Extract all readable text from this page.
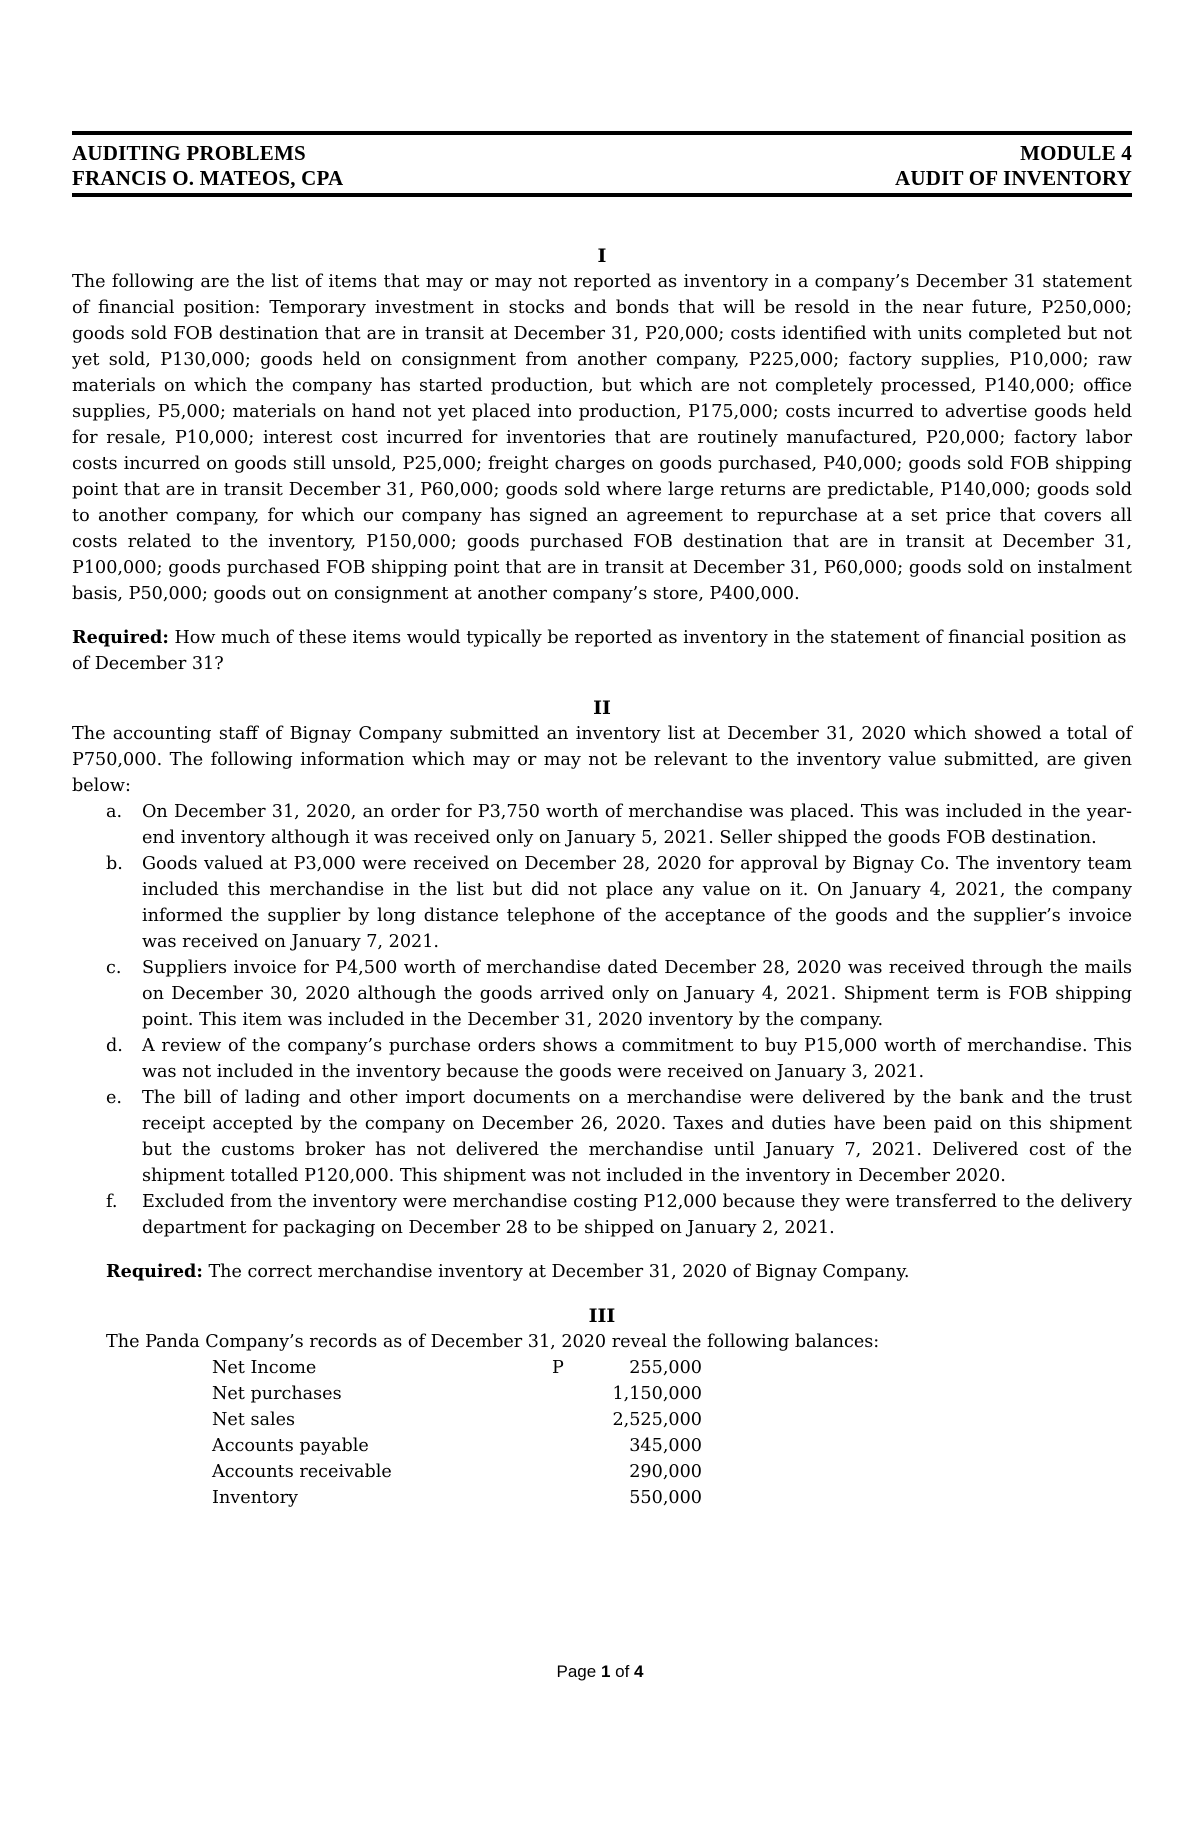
AUDITING PROBLEMS	MODULE 4
FRANCIS O. MATEOS, CPA	AUDIT OF INVENTORY
I

The following are the list of items that may or may not reported as inventory in a company’s December 31 statement of financial position: Temporary investment in stocks and bonds that will be resold in the near future, P250,000; goods sold FOB destination that are in transit at December 31, P20,000; costs identified with units completed but not yet sold, P130,000; goods held on consignment from another company, P225,000; factory supplies, P10,000; raw materials on which the company has started production, but which are not completely processed, P140,000; office supplies, P5,000; materials on hand not yet placed into production, P175,000; costs incurred to advertise goods held for resale, P10,000; interest cost incurred for inventories that are routinely manufactured, P20,000; factory labor costs incurred on goods still unsold, P25,000; freight charges on goods purchased, P40,000; goods sold FOB shipping point that are in transit December 31, P60,000; goods sold where large returns are predictable, P140,000; goods sold to another company, for which our company has signed an agreement to repurchase at a set price that covers all costs related to the inventory, P150,000; goods purchased FOB destination that are in transit at December 31, P100,000; goods purchased FOB shipping point that are in transit at December 31, P60,000; goods sold on instalment basis, P50,000; goods out on consignment at another company’s store, P400,000.

Required: How much of these items would typically be reported as inventory in the statement of financial position as of December 31?

II

The accounting staff of Bignay Company submitted an inventory list at December 31, 2020 which showed a total of P750,000. The following information which may or may not be relevant to the inventory value submitted, are given below:

a. On December 31, 2020, an order for P3,750 worth of merchandise was placed. This was included in the year-end inventory although it was received only on January 5, 2021. Seller shipped the goods FOB destination.
b. Goods valued at P3,000 were received on December 28, 2020 for approval by Bignay Co. The inventory team included this merchandise in the list but did not place any value on it. On January 4, 2021, the company informed the supplier by long distance telephone of the acceptance of the goods and the supplier’s invoice was received on January 7, 2021.
c. Suppliers invoice for P4,500 worth of merchandise dated December 28, 2020 was received through the mails on December 30, 2020 although the goods arrived only on January 4, 2021. Shipment term is FOB shipping point. This item was included in the December 31, 2020 inventory by the company.
d. A review of the company’s purchase orders shows a commitment to buy P15,000 worth of merchandise. This was not included in the inventory because the goods were received on January 3, 2021.
e. The bill of lading and other import documents on a merchandise were delivered by the bank and the trust receipt accepted by the company on December 26, 2020. Taxes and duties have been paid on this shipment but the customs broker has not delivered the merchandise until January 7, 2021. Delivered cost of the shipment totalled P120,000. This shipment was not included in the inventory in December 2020.
f. Excluded from the inventory were merchandise costing P12,000 because they were transferred to the delivery department for packaging on December 28 to be shipped on January 2, 2021.

Required: The correct merchandise inventory at December 31, 2020 of Bignay Company.

III

The Panda Company’s records as of December 31, 2020 reveal the following balances:

Net Income	P	255,000
Net purchases		1,150,000
Net sales		2,525,000
Accounts payable		345,000
Accounts receivable		290,000
Inventory		550,000
Page 1 of 4
